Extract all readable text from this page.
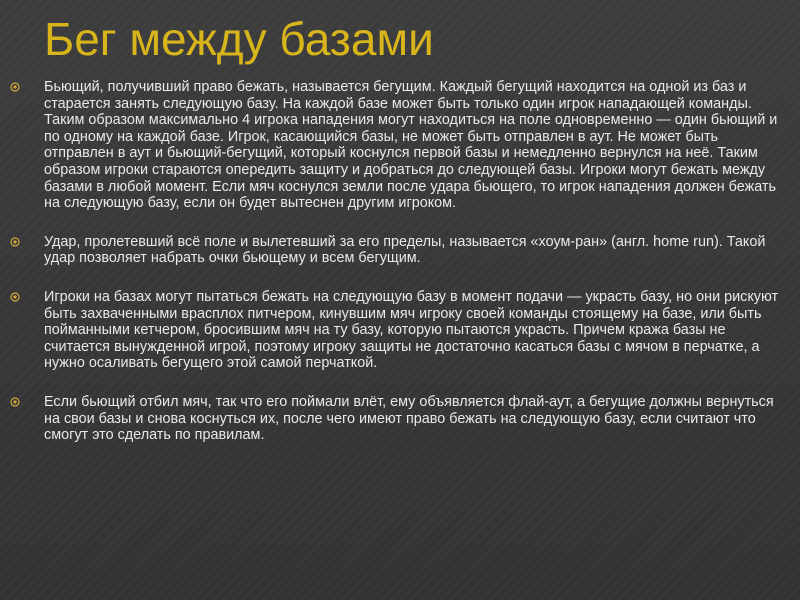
Бег между базами
Бьющий, получивший право бежать, называется бегущим. Каждый бегущий находится на одной из баз и старается занять следующую базу. На каждой базе может быть только один игрок нападающей команды. Таким образом максимально 4 игрока нападения могут находиться на поле одновременно — один бьющий и по одному на каждой базе. Игрок, касающийся базы, не может быть отправлен в аут. Не может быть отправлен в аут и бьющий-бегущий, который коснулся первой базы и немедленно вернулся на неё. Таким образом игроки стараются опередить защиту и добраться до следующей базы. Игроки могут бежать между базами в любой момент. Если мяч коснулся земли после удара бьющего, то игрок нападения должен бежать на следующую базу, если он будет вытеснен другим игроком.
Удар, пролетевший всё поле и вылетевший за его пределы, называется «хоум-ран» (англ. home run). Такой удар позволяет набрать очки бьющему и всем бегущим.
Игроки на базах могут пытаться бежать на следующую базу в момент подачи — украсть базу, но они рискуют быть захваченными врасплох питчером, кинувшим мяч игроку своей команды стоящему на базе, или быть пойманными кетчером, бросившим мяч на ту базу, которую пытаются украсть. Причем кража базы не считается вынужденной игрой, поэтому игроку защиты не достаточно касаться базы с мячом в перчатке, а нужно осаливать бегущего этой самой перчаткой.
Если бьющий отбил мяч, так что его поймали влёт, ему объявляется флай-аут, а бегущие должны вернуться на свои базы и снова коснуться их, после чего имеют право бежать на следующую базу, если считают что смогут это сделать по правилам.
